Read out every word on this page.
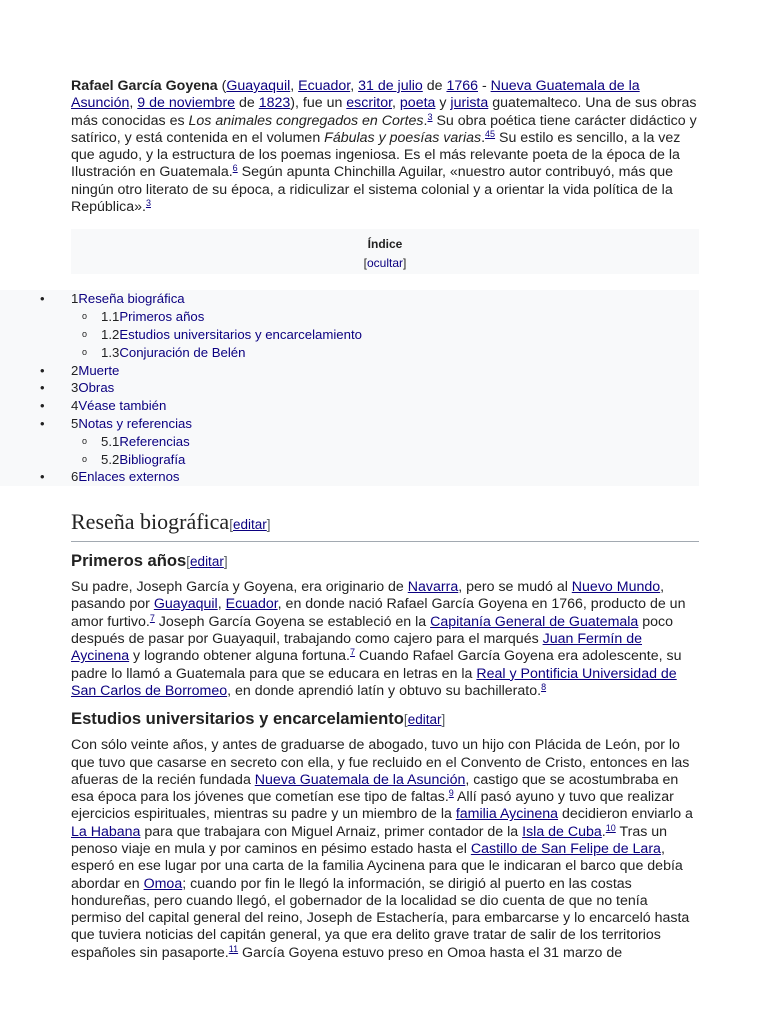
Rafael García Goyena (Guayaquil, Ecuador, 31 de julio de 1766 - Nueva Guatemala de la Asunción, 9 de noviembre de 1823), fue un escritor, poeta y jurista guatemalteco. Una de sus obras más conocidas es Los animales congregados en Cortes.$^3$ Su obra poética tiene carácter didáctico y satírico, y está contenida en el volumen Fábulas y poesías varias.$^{45}$ Su estilo es sencillo, a la vez que agudo, y la estructura de los poemas ingeniosa. Es el más relevante poeta de la época de la Ilustración en Guatemala.$^6$ Según apunta Chinchilla Aguilar, «nuestro autor contribuyó, más que ningún otro literato de su época, a ridiculizar el sistema colonial y a orientar la vida política de la República».$^3$

Índice
[ocultar]
• 1Reseña biográfica
o 1.1Primeros años
o 1.2Estudios universitarios y encarcelamiento
o 1.3Conjuración de Belén
• 2Muerte
• 3Obras
• 4Véase también
• 5Notas y referencias
o 5.1Referencias
o 5.2Bibliografía
• 6Enlaces externos
Reseña biográfica[editar]
Primeros años[editar]

Su padre, Joseph García y Goyena, era originario de Navarra, pero se mudó al Nuevo Mundo, pasando por Guayaquil, Ecuador, en donde nació Rafael García Goyena en 1766, producto de un amor furtivo.$^7$ Joseph García Goyena se estableció en la Capitanía General de Guatemala poco después de pasar por Guayaquil, trabajando como cajero para el marqués Juan Fermín de Aycinena y logrando obtener alguna fortuna.$^7$ Cuando Rafael García Goyena era adolescente, su padre lo llamó a Guatemala para que se educara en letras en la Real y Pontificia Universidad de San Carlos de Borromeo, en donde aprendió latín y obtuvo su bachillerato.$^8$

Estudios universitarios y encarcelamiento[editar]

Con sólo veinte años, y antes de graduarse de abogado, tuvo un hijo con Plácida de León, por lo que tuvo que casarse en secreto con ella, y fue recluido en el Convento de Cristo, entonces en las afueras de la recién fundada Nueva Guatemala de la Asunción, castigo que se acostumbraba en esa época para los jóvenes que cometían ese tipo de faltas.$^9$ Allí pasó ayuno y tuvo que realizar ejercicios espirituales, mientras su padre y un miembro de la familia Aycinena decidieron enviarlo a La Habana para que trabajara con Miguel Arnaiz, primer contador de la Isla de Cuba.$^{10}$ Tras un penoso viaje en mula y por caminos en pésimo estado hasta el Castillo de San Felipe de Lara, esperó en ese lugar por una carta de la familia Aycinena para que le indicaran el barco que debía abordar en Omoa; cuando por fin le llegó la información, se dirigió al puerto en las costas hondureñas, pero cuando llegó, el gobernador de la localidad se dio cuenta de que no tenía permiso del capital general del reino, Joseph de Estachería, para embarcarse y lo encarceló hasta que tuviera noticias del capitán general, ya que era delito grave tratar de salir de los territorios españoles sin pasaporte.$^{11}$ García Goyena estuvo preso en Omoa hasta el 31 marzo de
